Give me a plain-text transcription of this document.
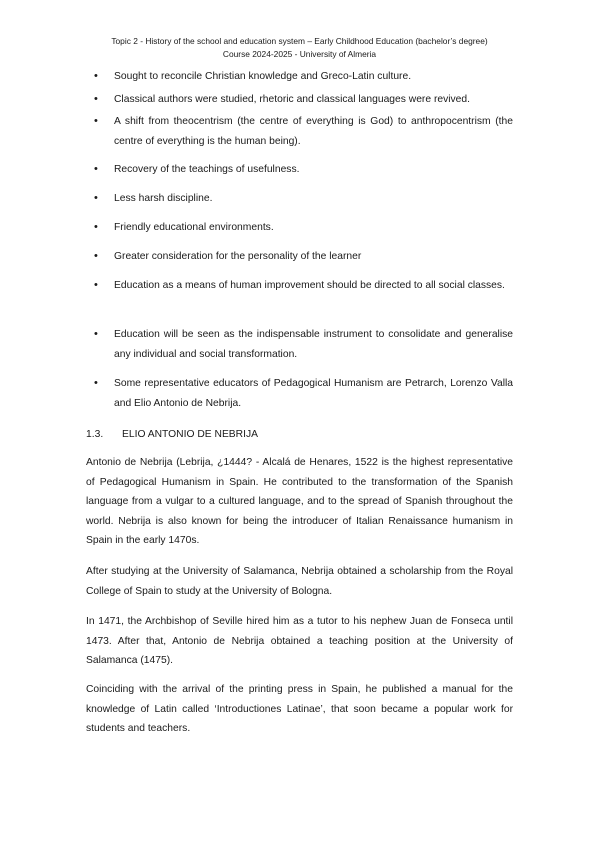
Topic 2 - History of the school and education system – Early Childhood Education (bachelor’s degree)
Course 2024-2025 - University of Almeria
•	Sought to reconcile Christian knowledge and Greco-Latin culture.
•	Classical authors were studied, rhetoric and classical languages were revived.
•	A shift from theocentrism (the centre of everything is God) to anthropocentrism (the centre of everything is the human being).
•	Recovery of the teachings of usefulness.
•	Less harsh discipline.
•	Friendly educational environments.
•	Greater consideration for the personality of the learner
•	Education as a means of human improvement should be directed to all social classes.
•	Education will be seen as the indispensable instrument to consolidate and generalise any individual and social transformation.
•	Some representative educators of Pedagogical Humanism are Petrarch, Lorenzo Valla and Elio Antonio de Nebrija.
1.3. ELIO ANTONIO DE NEBRIJA
Antonio de Nebrija (Lebrija, ¿1444? - Alcalá de Henares, 1522 is the highest representative
of Pedagogical Humanism in Spain. He contributed to the transformation of the Spanish
language from a vulgar to a cultured language, and to the spread of Spanish throughout the
world. Nebrija is also known for being the introducer of Italian Renaissance humanism in
Spain in the early 1470s.
After studying at the University of Salamanca, Nebrija obtained a scholarship from the Royal
College of Spain to study at the University of Bologna.
In 1471, the Archbishop of Seville hired him as a tutor to his nephew Juan de Fonseca until
1473. After that, Antonio de Nebrija obtained a teaching position at the University of
Salamanca (1475).
Coinciding with the arrival of the printing press in Spain, he published a manual for the
knowledge of Latin called ‘Introductiones Latinae’, that soon became a popular work for
students and teachers.
